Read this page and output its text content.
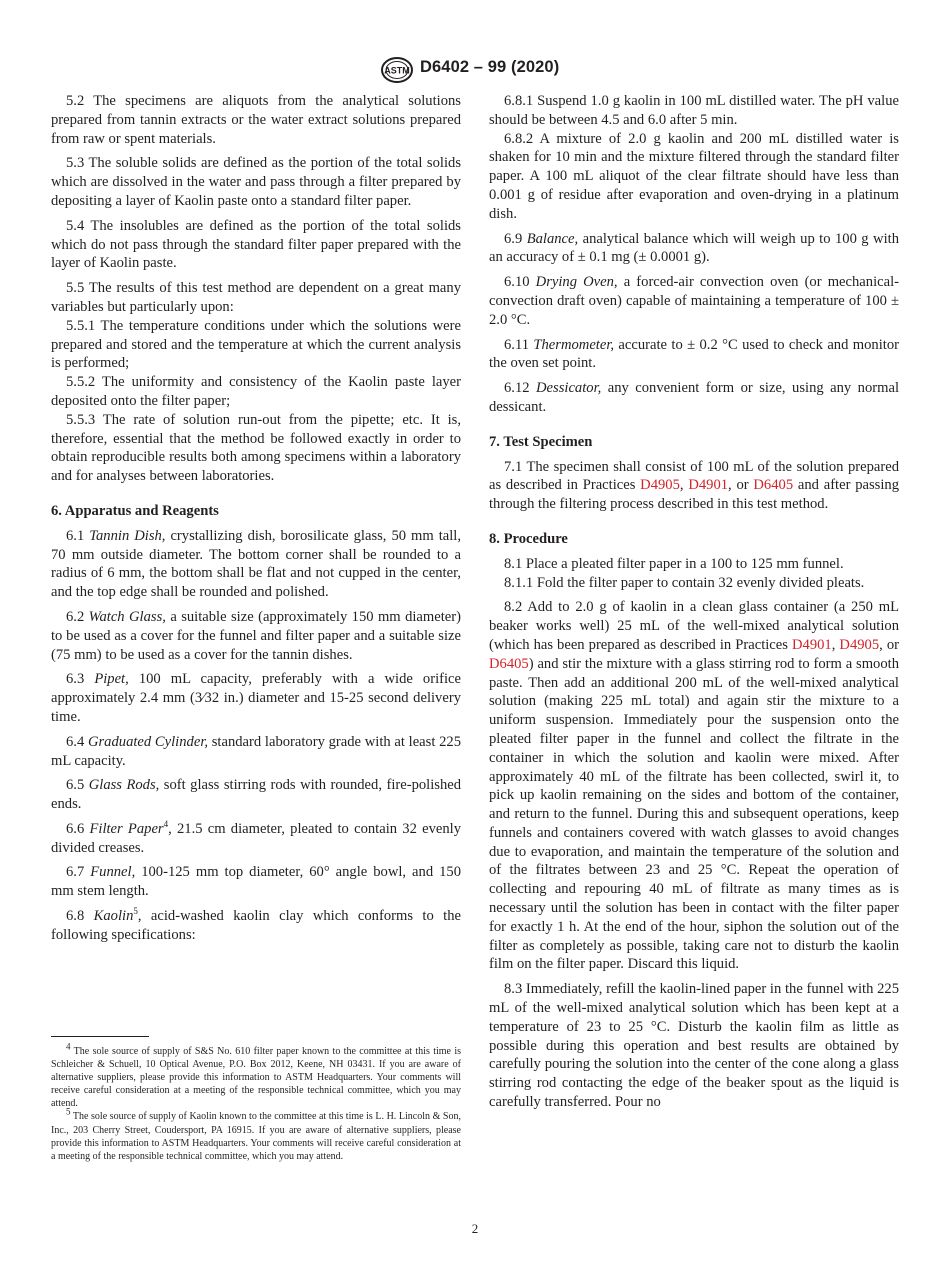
ASTM D6402 – 99 (2020)

5.2 The specimens are aliquots from the analytical solutions prepared from tannin extracts or the water extract solutions prepared from raw or spent materials.

5.3 The soluble solids are defined as the portion of the total solids which are dissolved in the water and pass through a filter prepared by depositing a layer of Kaolin paste onto a standard filter paper.

5.4 The insolubles are defined as the portion of the total solids which do not pass through the standard filter paper prepared with the layer of Kaolin paste.

5.5 The results of this test method are dependent on a great many variables but particularly upon:

5.5.1 The temperature conditions under which the solutions were prepared and stored and the temperature at which the current analysis is performed;

5.5.2 The uniformity and consistency of the Kaolin paste layer deposited onto the filter paper;

5.5.3 The rate of solution run-out from the pipette; etc. It is, therefore, essential that the method be followed exactly in order to obtain reproducible results both among specimens within a laboratory and for analyses between laboratories.

6. Apparatus and Reagents

6.1 Tannin Dish, crystallizing dish, borosilicate glass, 50 mm tall, 70 mm outside diameter. The bottom corner shall be rounded to a radius of 6 mm, the bottom shall be flat and not cupped in the center, and the top edge shall be rounded and polished.

6.2 Watch Glass, a suitable size (approximately 150 mm diameter) to be used as a cover for the funnel and filter paper and a suitable size (75 mm) to be used as a cover for the tannin dishes.

6.3 Pipet, 100 mL capacity, preferably with a wide orifice approximately 2.4 mm (3⁄32 in.) diameter and 15-25 second delivery time.

6.4 Graduated Cylinder, standard laboratory grade with at least 225 mL capacity.

6.5 Glass Rods, soft glass stirring rods with rounded, fire-polished ends.

6.6 Filter Paper$^4$, 21.5 cm diameter, pleated to contain 32 evenly divided creases.

6.7 Funnel, 100-125 mm top diameter, 60° angle bowl, and 150 mm stem length.

6.8 Kaolin$^5$, acid-washed kaolin clay which conforms to the following specifications:

6.8.1 Suspend 1.0 g kaolin in 100 mL distilled water. The pH value should be between 4.5 and 6.0 after 5 min.

6.8.2 A mixture of 2.0 g kaolin and 200 mL distilled water is shaken for 10 min and the mixture filtered through the standard filter paper. A 100 mL aliquot of the clear filtrate should have less than 0.001 g of residue after evaporation and oven-drying in a platinum dish.

6.9 Balance, analytical balance which will weigh up to 100 g with an accuracy of ± 0.1 mg (± 0.0001 g).

6.10 Drying Oven, a forced-air convection oven (or mechanical-convection draft oven) capable of maintaining a temperature of 100 ± 2.0 °C.

6.11 Thermometer, accurate to ± 0.2 °C used to check and monitor the oven set point.

6.12 Dessicator, any convenient form or size, using any normal dessicant.

7. Test Specimen

7.1 The specimen shall consist of 100 mL of the solution prepared as described in Practices D4905, D4901, or D6405 and after passing through the filtering process described in this test method.

8. Procedure

8.1 Place a pleated filter paper in a 100 to 125 mm funnel.

8.1.1 Fold the filter paper to contain 32 evenly divided pleats.

8.2 Add to 2.0 g of kaolin in a clean glass container (a 250 mL beaker works well) 25 mL of the well-mixed analytical solution (which has been prepared as described in Practices D4901, D4905, or D6405) and stir the mixture with a glass stirring rod to form a smooth paste. Then add an additional 200 mL of the well-mixed analytical solution (making 225 mL total) and again stir the mixture to a uniform suspension. Immediately pour the suspension onto the pleated filter paper in the funnel and collect the filtrate in the container in which the solution and kaolin were mixed. After approximately 40 mL of the filtrate has been collected, swirl it, to pick up kaolin remaining on the sides and bottom of the container, and return to the funnel. During this and subsequent operations, keep funnels and containers covered with watch glasses to avoid changes due to evaporation, and maintain the temperature of the solution and of the filtrates between 23 and 25 °C. Repeat the operation of collecting and repouring 40 mL of filtrate as many times as is necessary until the solution has been in contact with the filter paper for exactly 1 h. At the end of the hour, siphon the solution out of the filter as completely as possible, taking care not to disturb the kaolin film on the filter paper. Discard this liquid.

8.3 Immediately, refill the kaolin-lined paper in the funnel with 225 mL of the well-mixed analytical solution which has been kept at a temperature of 23 to 25 °C. Disturb the kaolin film as little as possible during this operation and best results are obtained by carefully pouring the solution into the center of the cone along a glass stirring rod contacting the edge of the beaker spout as the liquid is carefully transferred. Pour no

$^4$ The sole source of supply of S&S No. 610 filter paper known to the committee at this time is Schleicher & Schuell, 10 Optical Avenue, P.O. Box 2012, Keene, NH 03431. If you are aware of alternative suppliers, please provide this information to ASTM Headquarters. Your comments will receive careful consideration at a meeting of the responsible technical committee, which you may attend.

$^5$ The sole source of supply of Kaolin known to the committee at this time is L. H. Lincoln & Son, Inc., 203 Cherry Street, Coudersport, PA 16915. If you are aware of alternative suppliers, please provide this information to ASTM Headquarters. Your comments will receive careful consideration at a meeting of the responsible technical committee, which you may attend.

2
